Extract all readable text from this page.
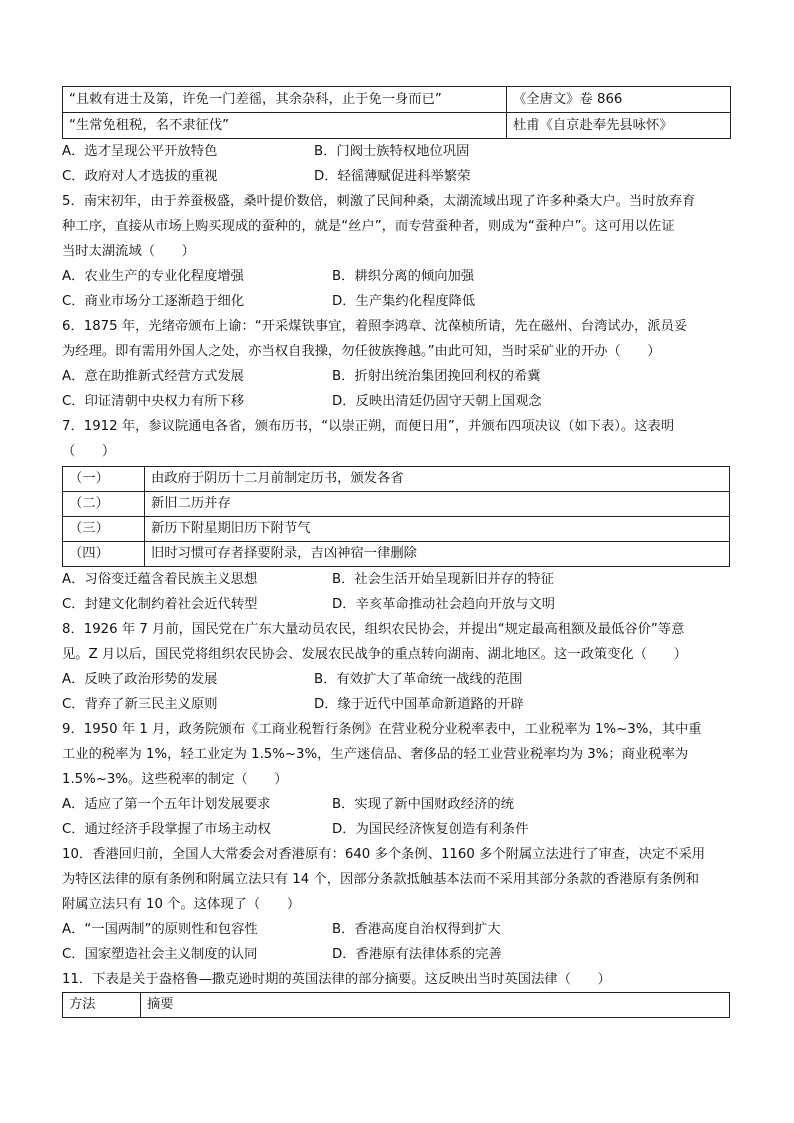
“且敕有进士及第，许免一门差徭，其余杂科，止于免一身而已”	《全唐文》卷 866
“生常免租税，名不隶征伐”	杜甫《自京赴奉先县咏怀》
A．选才呈现公平开放特色	B．门阀士族特权地位巩固
C．政府对人才选拔的重视	D．轻徭薄赋促进科举繁荣
5．南宋初年，由于养蚕极盛，桑叶提价数倍，刺激了民间种桑，太湖流域出现了许多种桑大户。当时放弃育
种工序，直接从市场上购买现成的蚕种的，就是“丝户”，而专营蚕种者，则成为“蚕种户”。这可用以佐证
当时太湖流域（　　）
A．农业生产的专业化程度增强	B．耕织分离的倾向加强
C．商业市场分工逐渐趋于细化	D．生产集约化程度降低
6．1875 年，光绪帝颁布上谕：“开采煤铁事宜，着照李鸿章、沈葆桢所请，先在磁州、台湾试办，派员妥
为经理。即有需用外国人之处，亦当权自我操，勿任彼族搀越。”由此可知，当时采矿业的开办（　　）
A．意在助推新式经营方式发展	B．折射出统治集团挽回利权的希冀
C．印证清朝中央权力有所下移	D．反映出清廷仍固守天朝上国观念
7．1912 年，参议院通电各省，颁布历书，“以崇正朔，而便日用”，并颁布四项决议（如下表）。这表明
（　　）
（一）	由政府于阴历十二月前制定历书，颁发各省
（二）	新旧二历并存
（三）	新历下附星期旧历下附节气
（四）	旧时习惯可存者择要附录，吉凶神宿一律删除
A．习俗变迁蕴含着民族主义思想	B．社会生活开始呈现新旧并存的特征
C．封建文化制约着社会近代转型	D．辛亥革命推动社会趋向开放与文明
8．1926 年 7 月前，国民党在广东大量动员农民，组织农民协会，并提出“规定最高租额及最低谷价”等意
见。Z 月以后，国民党将组织农民协会、发展农民战争的重点转向湖南、湖北地区。这一政策变化（　　）
A．反映了政治形势的发展	B．有效扩大了革命统一战线的范围
C．背弃了新三民主义原则	D．缘于近代中国革命新道路的开辟
9．1950 年 1 月，政务院颁布《工商业税暂行条例》在营业税分业税率表中，工业税率为 1%~3%，其中重
工业的税率为 1%，轻工业定为 1.5%~3%，生产迷信品、奢侈品的轻工业营业税率均为 3%；商业税率为
1.5%~3%。这些税率的制定（　　）
A．适应了第一个五年计划发展要求	B．实现了新中国财政经济的统
C．通过经济手段掌握了市场主动权	D．为国民经济恢复创造有利条件
10．香港回归前，全国人大常委会对香港原有：640 多个条例、1160 多个附属立法进行了审查，决定不采用
为特区法律的原有条例和附属立法只有 14 个，因部分条款抵触基本法而不采用其部分条款的香港原有条例和
附属立法只有 10 个。这体现了（　　）
A．“一国两制”的原则性和包容性	B．香港高度自治权得到扩大
C．国家塑造社会主义制度的认同	D．香港原有法律体系的完善
11．下表是关于盎格鲁—撒克逊时期的英国法律的部分摘要。这反映出当时英国法律（　　）
方法	摘要
